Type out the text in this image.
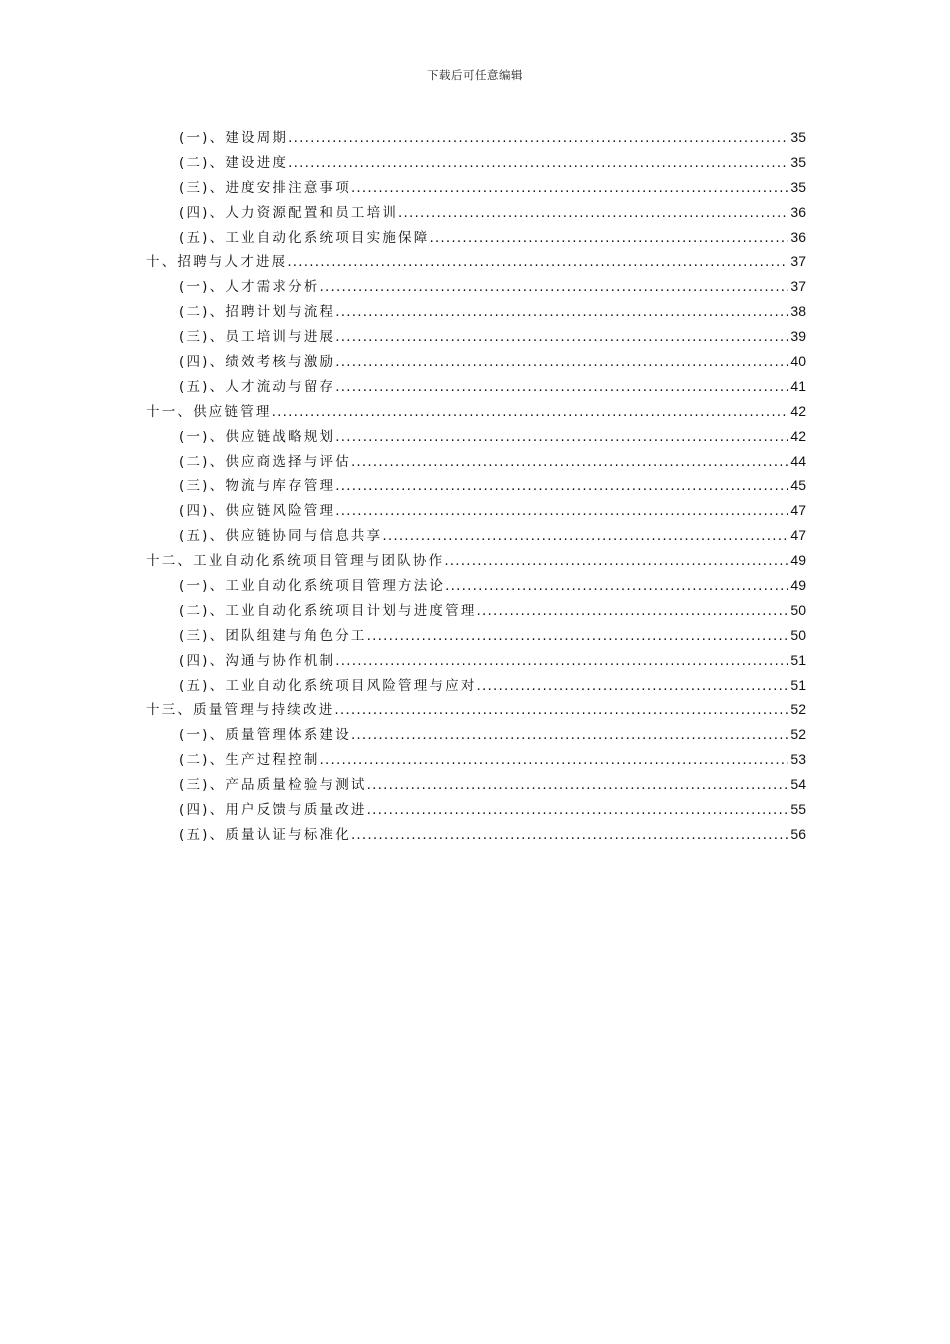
下载后可任意编辑
(一)、建设周期 .....	35
(二)、建设进度 .....	35
(三)、进度安排注意事项 .....	35
(四)、人力资源配置和员工培训 .....	36
(五)、工业自动化系统项目实施保障 .....	36
十、招聘与人才进展 .....	37
(一)、人才需求分析 .....	37
(二)、招聘计划与流程 .....	38
(三)、员工培训与进展 .....	39
(四)、绩效考核与激励 .....	40
(五)、人才流动与留存 .....	41
十一、供应链管理 .....	42
(一)、供应链战略规划 .....	42
(二)、供应商选择与评估 .....	44
(三)、物流与库存管理 .....	45
(四)、供应链风险管理 .....	47
(五)、供应链协同与信息共享 .....	47
十二、工业自动化系统项目管理与团队协作 .....	49
(一)、工业自动化系统项目管理方法论 .....	49
(二)、工业自动化系统项目计划与进度管理 .....	50
(三)、团队组建与角色分工 .....	50
(四)、沟通与协作机制 .....	51
(五)、工业自动化系统项目风险管理与应对 .....	51
十三、质量管理与持续改进 .....	52
(一)、质量管理体系建设 .....	52
(二)、生产过程控制 .....	53
(三)、产品质量检验与测试 .....	54
(四)、用户反馈与质量改进 .....	55
(五)、质量认证与标准化 .....	56
